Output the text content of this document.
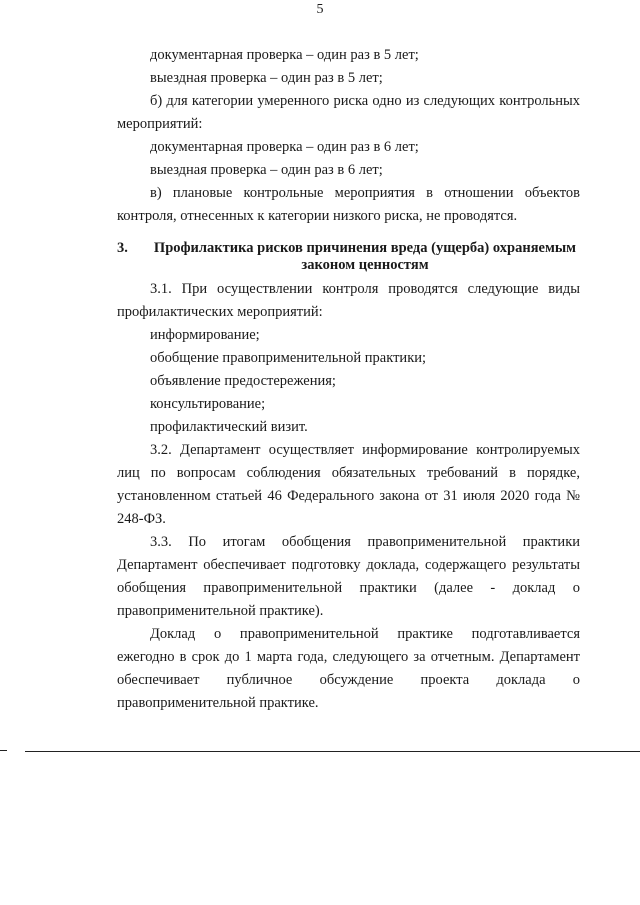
5

документарная проверка – один раз в 5 лет;

выездная проверка – один раз в 5 лет;

б) для категории умеренного риска одно из следующих контрольных мероприятий:

документарная проверка – один раз в 6 лет;

выездная проверка – один раз в 6 лет;

в) плановые контрольные мероприятия в отношении объектов контроля, отнесенных к категории низкого риска, не проводятся.

3. Профилактика рисков причинения вреда (ущерба) охраняемым законом ценностям

3.1. При осуществлении контроля проводятся следующие виды профилактических мероприятий:

информирование;

обобщение правоприменительной практики;

объявление предостережения;

консультирование;

профилактический визит.

3.2. Департамент осуществляет информирование контролируемых лиц по вопросам соблюдения обязательных требований в порядке, установленном статьей 46 Федерального закона от 31 июля 2020 года № 248-ФЗ.

3.3. По итогам обобщения правоприменительной практики Департамент обеспечивает подготовку доклада, содержащего результаты обобщения правоприменительной практики (далее - доклад о правоприменительной практике).

Доклад о правоприменительной практике подготавливается ежегодно в срок до 1 марта года, следующего за отчетным. Департамент обеспечивает публичное обсуждение проекта доклада о правоприменительной практике.
